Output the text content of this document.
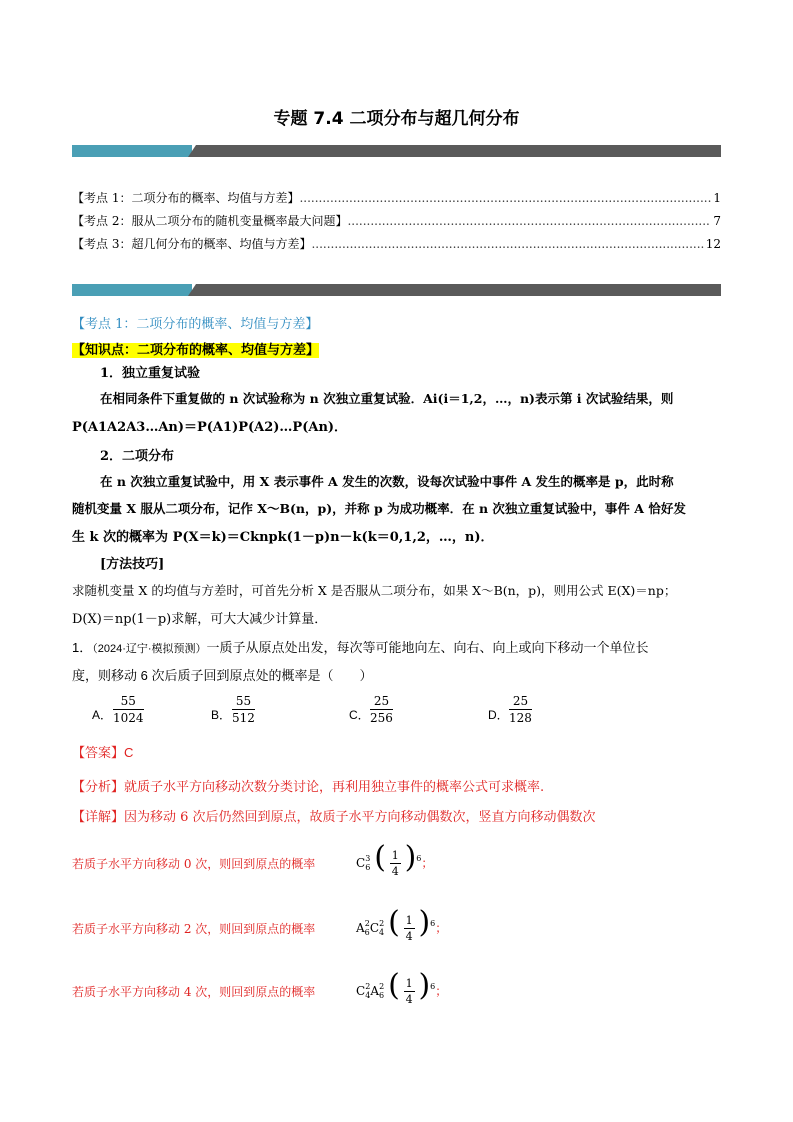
专题 7.4 二项分布与超几何分布
【考点 1：二项分布的概率、均值与方差】 .....	1
【考点 2：服从二项分布的随机变量概率最大问题】 .....	7
【考点 3：超几何分布的概率、均值与方差】 .....	12
【考点 1：二项分布的概率、均值与方差】
【知识点：二项分布的概率、均值与方差】
1．独立重复试验
在相同条件下重复做的 n 次试验称为 n 次独立重复试验．Ai(i＝1,2，…，n)表示第 i 次试验结果，则
P(A1A2A3…An)＝P(A1)P(A2)…P(An)．
2．二项分布
在 n 次独立重复试验中，用 X 表示事件 A 发生的次数，设每次试验中事件 A 发生的概率是 p，此时称
随机变量 X 服从二项分布，记作 X～B(n，p)，并称 p 为成功概率．在 n 次独立重复试验中，事件 A 恰好发
生 k 次的概率为 P(X＝k)＝Cknpk(1－p)n－k(k＝0,1,2，…，n)．
[方法技巧]
求随机变量 X 的均值与方差时，可首先分析 X 是否服从二项分布，如果 X～B(n，p)，则用公式 E(X)＝np；
D(X)＝np(1－p)求解，可大大减少计算量．
1．（2024·辽宁·模拟预测）一质子从原点处出发，每次等可能地向左、向右、向上或向下移动一个单位长
度，则移动 6 次后质子回到原点处的概率是（　　）
A． $\frac{55}{1024}$	B． $\frac{55}{512}$	C． $\frac{25}{256}$	D． $\frac{25}{128}$
【答案】C
【分析】就质子水平方向移动次数分类讨论，再利用独立事件的概率公式可求概率.
【详解】因为移动 6 次后仍然回到原点，故质子水平方向移动偶数次，竖直方向移动偶数次
若质子水平方向移动 0 次，则回到原点的概率	$C_6^3$ ( $\frac{1}{4} )^6$；
若质子水平方向移动 2 次，则回到原点的概率	$A_6^2C_4^2$ ( $\frac{1}{4} )^6$；
若质子水平方向移动 4 次，则回到原点的概率	$C_4^2A_6^2$ ( $\frac{1}{4} )^6$；
